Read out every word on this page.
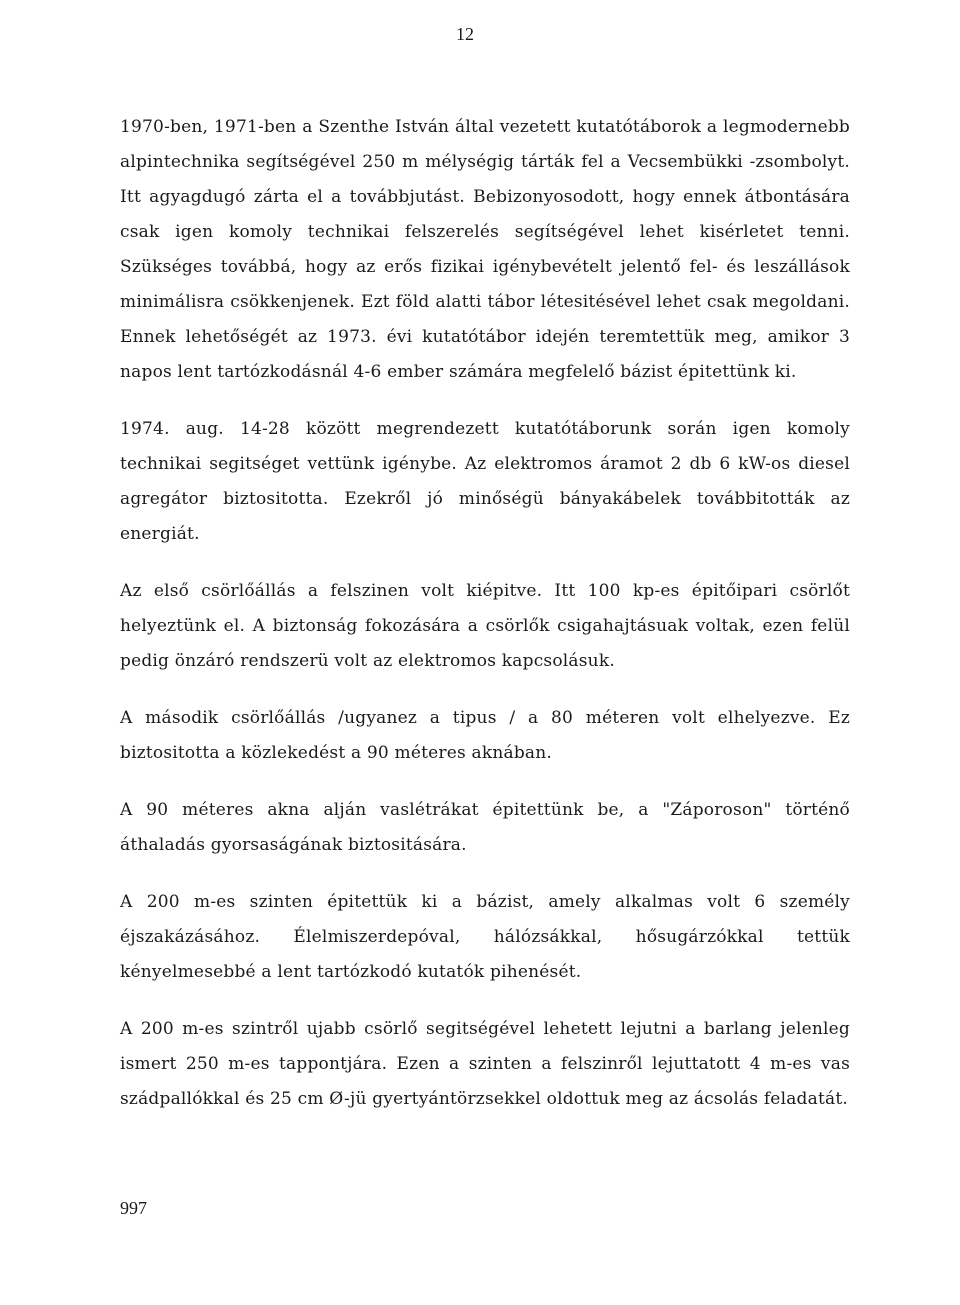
12

1970-ben, 1971-ben a Szenthe István által vezetett kutatótáborok a legmodernebb alpintechnika segítségével 250 m mélységig tárták fel a Vecsembükki -zsombolyt. Itt agyagdugó zárta el a továbbjutást. Bebizonyosodott, hogy ennek átbontására csak igen komoly technikai felszerelés segítségével lehet kisérletet tenni. Szükséges továbbá, hogy az erős fizikai igénybevételt jelentő fel- és leszállások minimálisra csökkenjenek. Ezt föld alatti tábor létesitésével lehet csak megoldani. Ennek lehetőségét az 1973. évi kutatótábor idején teremtettük meg, amikor 3 napos lent tartózkodásnál 4-6 ember számára megfelelő bázist épitettünk ki.

1974. aug. 14-28 között megrendezett kutatótáborunk során igen komoly technikai segitséget vettünk igénybe. Az elektromos áramot 2 db 6 kW-os diesel agregátor biztositotta. Ezekről jó minőségü bányakábelek továbbitották az energiát.

Az első csörlőállás a felszinen volt kiépitve. Itt 100 kp-es épitőipari csörlőt helyeztünk el. A biztonság fokozására a csörlők csigahajtásuak voltak, ezen felül pedig önzáró rendszerü volt az elektromos kapcsolásuk.

A második csörlőállás /ugyanez a tipus / a 80 méteren volt elhelyezve. Ez biztositotta a közlekedést a 90 méteres aknában.

A 90 méteres akna alján vaslétrákat épitettünk be, a "Záporoson" történő áthaladás gyorsaságának biztositására.

A 200 m-es szinten épitettük ki a bázist, amely alkalmas volt 6 személy éjszakázásához. Élelmiszerdepóval, hálózsákkal, hősugárzókkal tettük kényelmesebbé a lent tartózkodó kutatók pihenését.

A 200 m-es szintről ujabb csörlő segitségével lehetett lejutni a barlang jelenleg ismert 250 m-es tappontjára. Ezen a szinten a felszinről lejuttatott 4 m-es vas szádpallókkal és 25 cm Ø-jü gyertyántörzsekkel oldottuk meg az ácsolás feladatát.

997
